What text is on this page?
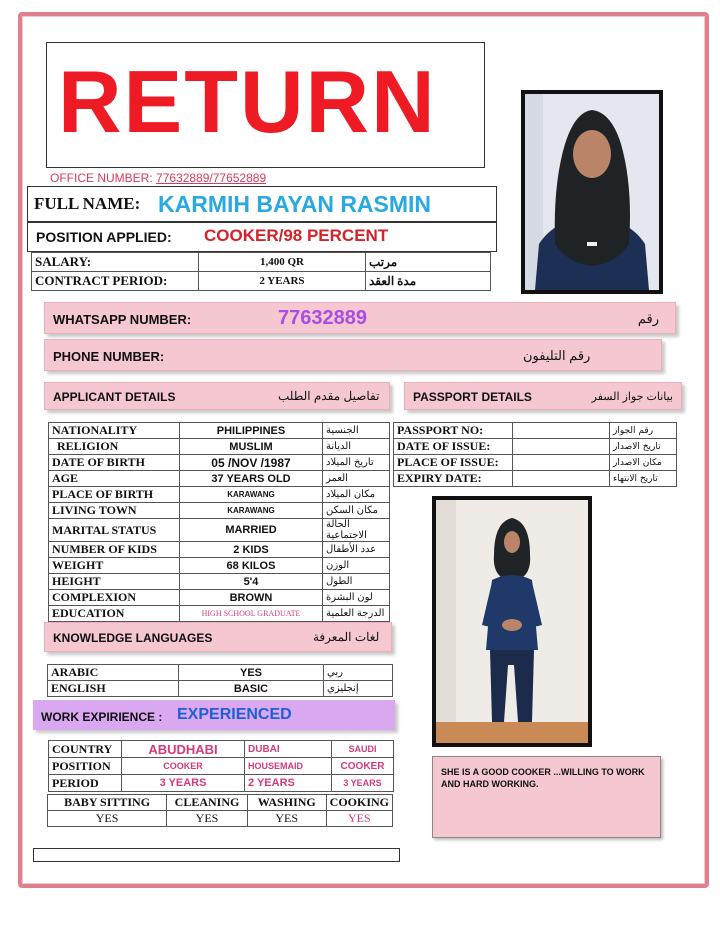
RETURN
OFFICE NUMBER: 77632889/77652889
FULL NAME: KARMIH BAYAN RASMIN
POSITION APPLIED: COOKER/98 PERCENT
SALARY:	1,400 QR	مرتب
CONTRACT PERIOD:	2 YEARS	مدة العقد
WHATSAPP NUMBER:	77632889	رقم
PHONE NUMBER:	رقم التليفون
APPLICANT DETAILS	تفاصيل مقدم الطلب	PASSPORT DETAILS	بيانات جواز السفر
NATIONALITY	PHILIPPINES	الجنسية
RELIGION	MUSLIM	الديانة
DATE OF BIRTH	05 /NOV /1987	تاريخ الميلاد
AGE	37 YEARS OLD	العمر
PLACE OF BIRTH	KARAWANG	مكان الميلاد
LIVING TOWN	KARAWANG	مكان السكن
MARITAL STATUS	MARRIED	الحالة الاجتماعية
NUMBER OF KIDS	2 KIDS	عدد الأطفال
WEIGHT	68 KILOS	الوزن
HEIGHT	5'4	الطول
COMPLEXION	BROWN	لون البشرة
EDUCATION	HIGH SCHOOL GRADUATE	الدرجة العلمية
PASSPORT NO:		رقم الجواز
DATE OF ISSUE:		تاريخ الاصدار
PLACE OF ISSUE:		مكان الاصدار
EXPIRY DATE:		تاريخ الانتهاء
KNOWLEDGE LANGUAGES	لغات المعرفة
ARABIC	YES	ربي
ENGLISH	BASIC	إنجليزي
WORK EXPIRIENCE : EXPERIENCED
COUNTRY	ABUDHABI	DUBAI	SAUDI
POSITION	COOKER	HOUSEMAID	COOKER
PERIOD	3 YEARS	2 YEARS	3 YEARS
BABY SITTING	CLEANING	WASHING	COOKING
YES	YES	YES	YES
SHE IS A GOOD COOKER ...WILLING TO WORK AND HARD WORKING.
